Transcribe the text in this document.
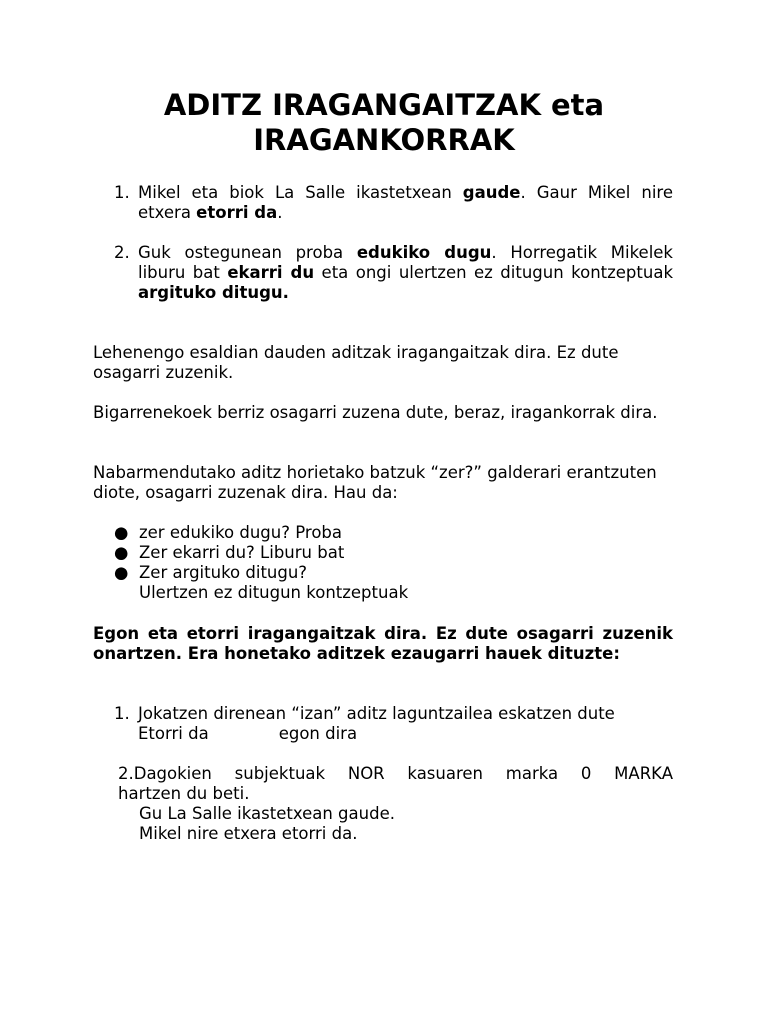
ADITZ IRAGANGAITZAK eta
IRAGANKORRAK
1. Mikel eta biok La Salle ikastetxean gaude. Gaur Mikel nire etxera etorri da.
2. Guk ostegunean proba edukiko dugu. Horregatik Mikelek liburu bat ekarri du eta ongi ulertzen ez ditugun kontzeptuak argituko ditugu.

Lehenengo esaldian dauden aditzak iragangaitzak dira. Ez dute osagarri zuzenik.

Bigarrenekoek berriz osagarri zuzena dute, beraz, iragankorrak dira.

Nabarmendutako aditz horietako batzuk “zer?” galderari erantzuten diote, osagarri zuzenak dira. Hau da:

● zer edukiko dugu? Proba
● Zer ekarri du? Liburu bat
● Zer argituko ditugu?
Ulertzen ez ditugun kontzeptuak

Egon eta etorri iragangaitzak dira. Ez dute osagarri zuzenik onartzen. Era honetako aditzek ezaugarri hauek dituzte:

1. Jokatzen direnean “izan” aditz laguntzailea eskatzen dute
Etorri da	egon dira
2.Dagokien subjektuak NOR kasuaren marka 0 MARKA
hartzen du beti.
Gu La Salle ikastetxean gaude.
Mikel nire etxera etorri da.
